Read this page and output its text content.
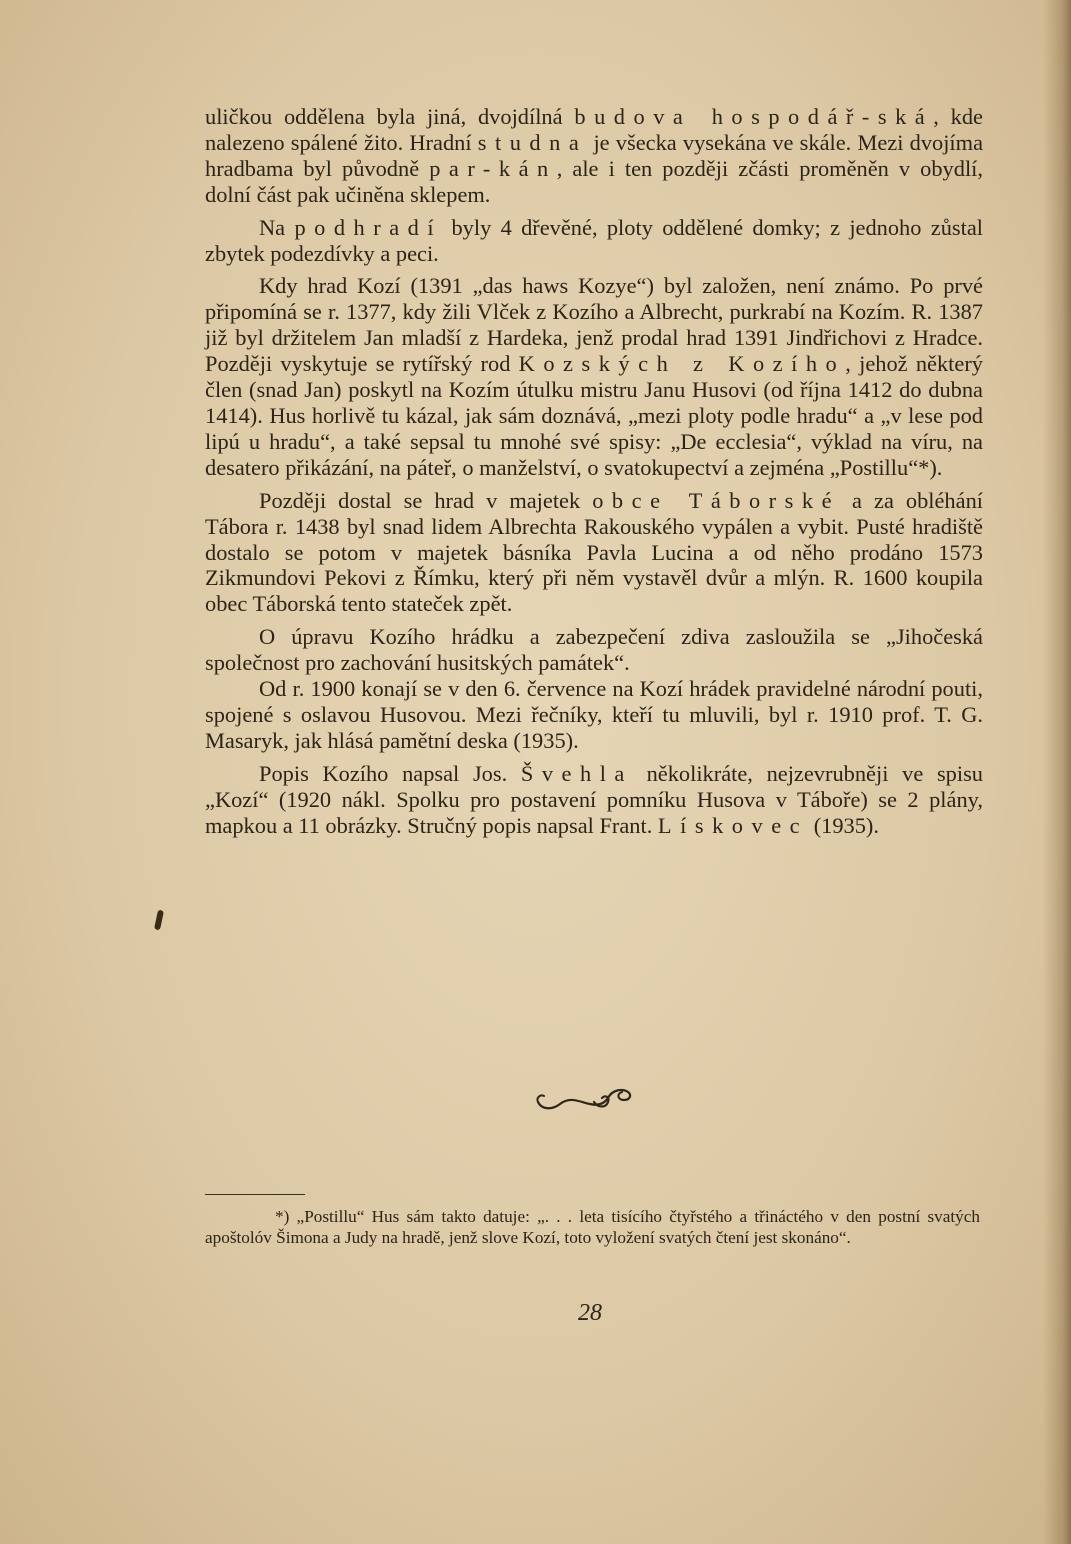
uličkou oddělena byla jiná, dvojdílná budova hospodář-ská, kde nalezeno spálené žito. Hradní studna je všecka vysekána ve skále. Mezi dvojíma hradbama byl původně par-kán, ale i ten později zčásti proměněn v obydlí, dolní část pak učiněna sklepem.

Na podhradí byly 4 dřevěné, ploty oddělené domky; z jednoho zůstal zbytek podezdívky a peci.

Kdy hrad Kozí (1391 „das haws Kozye“) byl založen, není známo. Po prvé připomíná se r. 1377, kdy žili Vlček z Kozího a Albrecht, purkrabí na Kozím. R. 1387 již byl držitelem Jan mladší z Hardeka, jenž prodal hrad 1391 Jindřichovi z Hradce. Později vyskytuje se rytířský rod Kozských z Kozího, jehož některý člen (snad Jan) poskytl na Kozím útulku mistru Janu Husovi (od října 1412 do dubna 1414). Hus horlivě tu kázal, jak sám doznává, „mezi ploty podle hradu“ a „v lese pod lipú u hradu“, a také sepsal tu mnohé své spisy: „De ecclesia“, výklad na víru, na desatero přikázání, na páteř, o manželství, o svatokupectví a zejména „Postillu“*).

Později dostal se hrad v majetek obce Táborské a za obléhání Tábora r. 1438 byl snad lidem Albrechta Rakouského vypálen a vybit. Pusté hradiště dostalo se potom v majetek básníka Pavla Lucina a od něho prodáno 1573 Zikmundovi Pekovi z Římku, který při něm vystavěl dvůr a mlýn. R. 1600 koupila obec Táborská tento stateček zpět.

O úpravu Kozího hrádku a zabezpečení zdiva zasloužila se „Jihočeská společnost pro zachování husitských památek“.

Od r. 1900 konají se v den 6. července na Kozí hrádek pravidelné národní pouti, spojené s oslavou Husovou. Mezi řečníky, kteří tu mluvili, byl r. 1910 prof. T. G. Masaryk, jak hlásá pamětní deska (1935).

Popis Kozího napsal Jos. Švehla několikráte, nejzevrubněji ve spisu „Kozí“ (1920 nákl. Spolku pro postavení pomníku Husova v Táboře) se 2 plány, mapkou a 11 obrázky. Stručný popis napsal Frant. Lískovec (1935).

*) „Postillu“ Hus sám takto datuje: „. . . leta tisícího čtyřstého a třináctého v den postní svatých apoštolóv Šimona a Judy na hradě, jenž slove Kozí, toto vyložení svatých čtení jest skonáno“.

28
